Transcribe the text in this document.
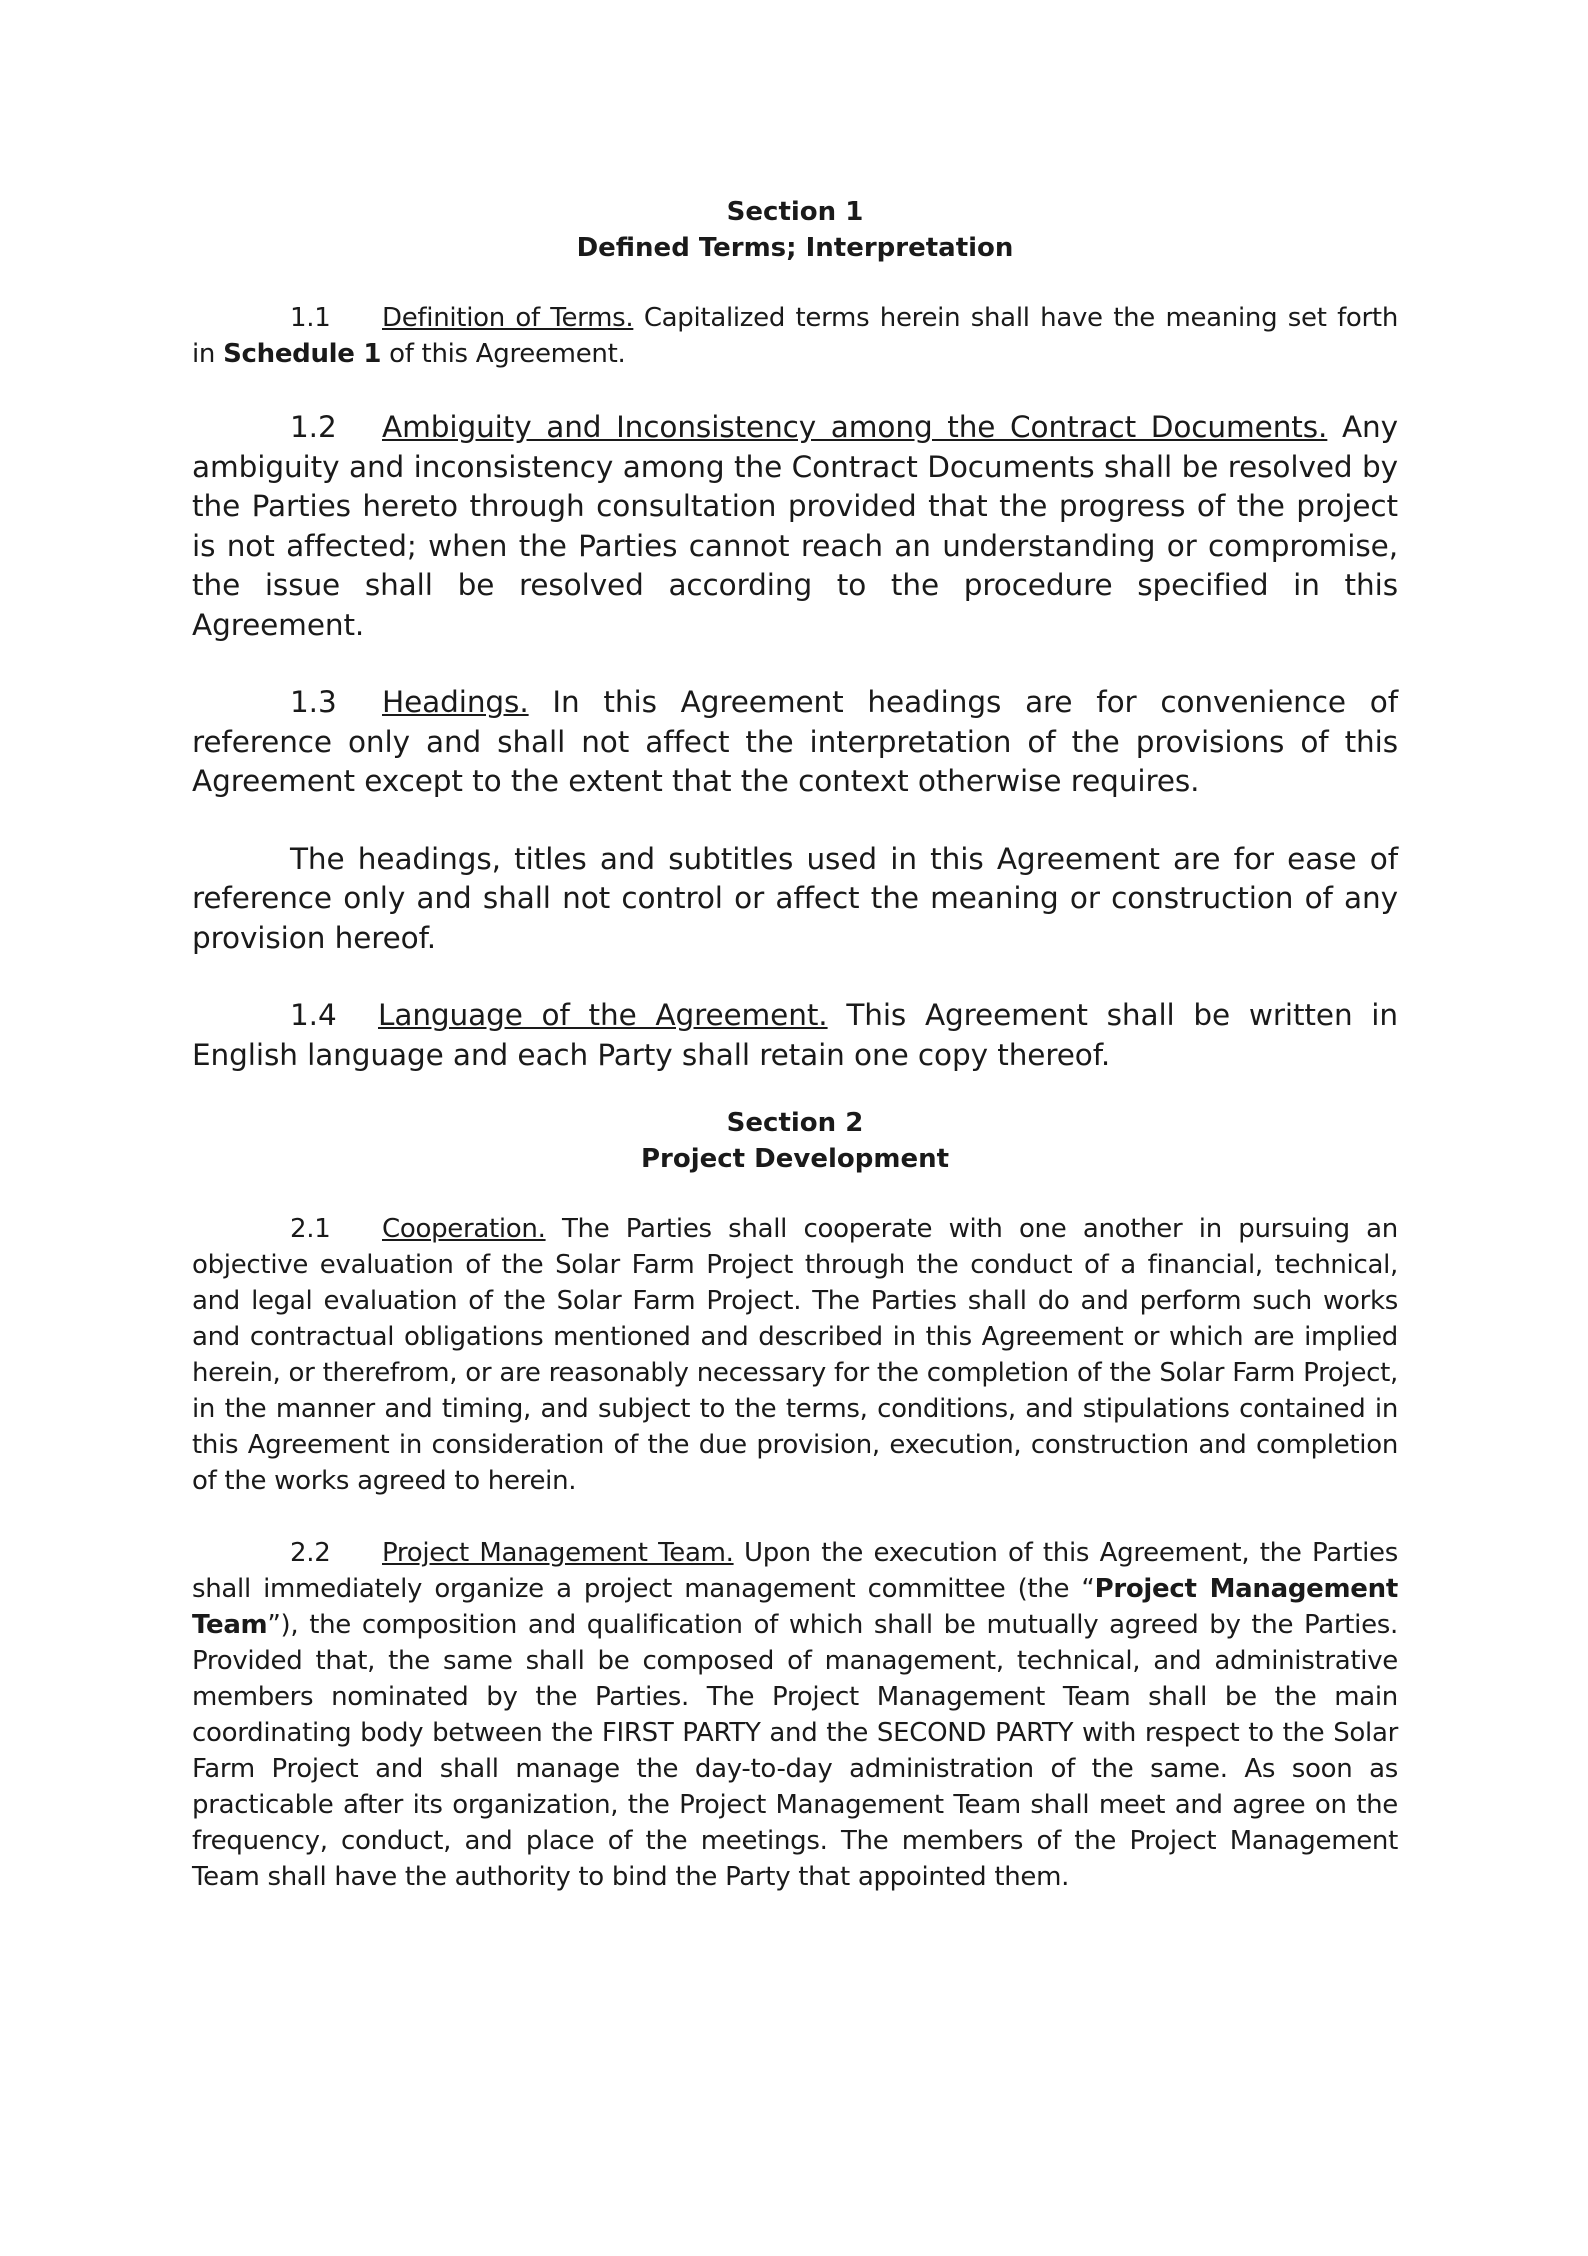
Section 1

Defined Terms; Interpretation

1.1 Definition of Terms. Capitalized terms herein shall have the meaning set forth in Schedule 1 of this Agreement.

1.2 Ambiguity and Inconsistency among the Contract Documents. Any ambiguity and inconsistency among the Contract Documents shall be resolved by the Parties hereto through consultation provided that the progress of the project is not affected; when the Parties cannot reach an understanding or compromise, the issue shall be resolved according to the procedure specified in this Agreement.

1.3 Headings. In this Agreement headings are for convenience of reference only and shall not affect the interpretation of the provisions of this Agreement except to the extent that the context otherwise requires.

The headings, titles and subtitles used in this Agreement are for ease of reference only and shall not control or affect the meaning or construction of any provision hereof.

1.4 Language of the Agreement. This Agreement shall be written in English language and each Party shall retain one copy thereof.

Section 2

Project Development

2.1 Cooperation. The Parties shall cooperate with one another in pursuing an objective evaluation of the Solar Farm Project through the conduct of a financial, technical, and legal evaluation of the Solar Farm Project. The Parties shall do and perform such works and contractual obligations mentioned and described in this Agreement or which are implied herein, or therefrom, or are reasonably necessary for the completion of the Solar Farm Project, in the manner and timing, and subject to the terms, conditions, and stipulations contained in this Agreement in consideration of the due provision, execution, construction and completion of the works agreed to herein.

2.2 Project Management Team. Upon the execution of this Agreement, the Parties shall immediately organize a project management committee (the “Project Management Team”), the composition and qualification of which shall be mutually agreed by the Parties. Provided that, the same shall be composed of management, technical, and administrative members nominated by the Parties. The Project Management Team shall be the main coordinating body between the FIRST PARTY and the SECOND PARTY with respect to the Solar Farm Project and shall manage the day-to-day administration of the same. As soon as practicable after its organization, the Project Management Team shall meet and agree on the frequency, conduct, and place of the meetings. The members of the Project Management Team shall have the authority to bind the Party that appointed them.
